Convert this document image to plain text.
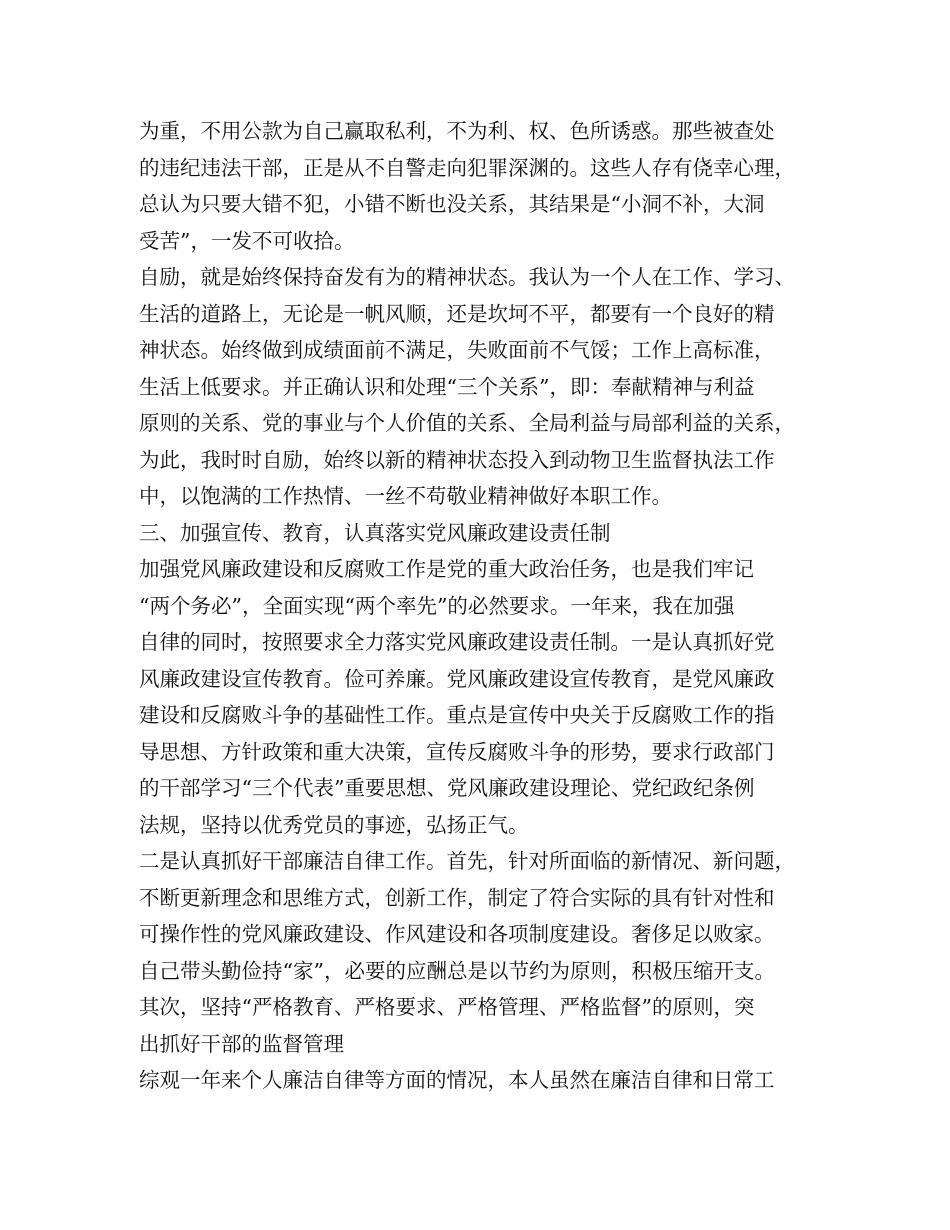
为重，不用公款为自己赢取私利，不为利、权、色所诱惑。那些被查处
的违纪违法干部，正是从不自警走向犯罪深渊的。这些人存有侥幸心理，
总认为只要大错不犯，小错不断也没关系，其结果是“小洞不补，大洞
受苦”，一发不可收拾。
自励，就是始终保持奋发有为的精神状态。我认为一个人在工作、学习、
生活的道路上，无论是一帆风顺，还是坎坷不平，都要有一个良好的精
神状态。始终做到成绩面前不满足，失败面前不气馁；工作上高标准，
生活上低要求。并正确认识和处理“三个关系”，即：奉献精神与利益
原则的关系、党的事业与个人价值的关系、全局利益与局部利益的关系，
为此，我时时自励，始终以新的精神状态投入到动物卫生监督执法工作
中，以饱满的工作热情、一丝不苟敬业精神做好本职工作。
三、加强宣传、教育，认真落实党风廉政建设责任制
加强党风廉政建设和反腐败工作是党的重大政治任务，也是我们牢记
“两个务必”，全面实现“两个率先”的必然要求。一年来，我在加强
自律的同时，按照要求全力落实党风廉政建设责任制。一是认真抓好党
风廉政建设宣传教育。俭可养廉。党风廉政建设宣传教育，是党风廉政
建设和反腐败斗争的基础性工作。重点是宣传中央关于反腐败工作的指
导思想、方针政策和重大决策，宣传反腐败斗争的形势，要求行政部门
的干部学习“三个代表”重要思想、党风廉政建设理论、党纪政纪条例
法规，坚持以优秀党员的事迹，弘扬正气。
二是认真抓好干部廉洁自律工作。首先，针对所面临的新情况、新问题，
不断更新理念和思维方式，创新工作，制定了符合实际的具有针对性和
可操作性的党风廉政建设、作风建设和各项制度建设。奢侈足以败家。
自己带头勤俭持“家”，必要的应酬总是以节约为原则，积极压缩开支。
其次，坚持“严格教育、严格要求、严格管理、严格监督”的原则，突
出抓好干部的监督管理
综观一年来个人廉洁自律等方面的情况，本人虽然在廉洁自律和日常工
